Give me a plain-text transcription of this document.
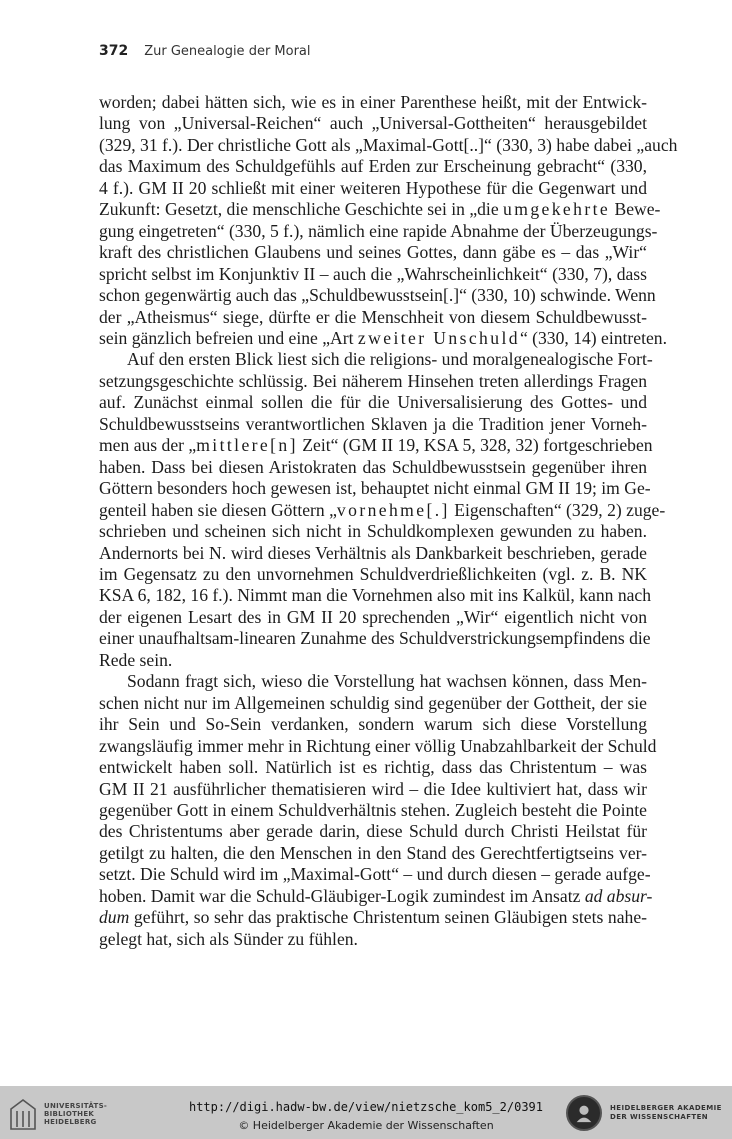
372 Zur Genealogie der Moral

worden; dabei hätten sich, wie es in einer Parenthese heißt, mit der Entwick-
lung von „Universal-Reichen“ auch „Universal-Gottheiten“ herausgebildet
(329, 31 f.). Der christliche Gott als „Maximal-Gott[..]“ (330, 3) habe dabei „auch
das Maximum des Schuldgefühls auf Erden zur Erscheinung gebracht“ (330,
4 f.). GM II 20 schließt mit einer weiteren Hypothese für die Gegenwart und
Zukunft: Gesetzt, die menschliche Geschichte sei in „die umgekehrte Bewe-
gung eingetreten“ (330, 5 f.), nämlich eine rapide Abnahme der Überzeugungs-
kraft des christlichen Glaubens und seines Gottes, dann gäbe es – das „Wir“
spricht selbst im Konjunktiv II – auch die „Wahrscheinlichkeit“ (330, 7), dass
schon gegenwärtig auch das „Schuldbewusstsein[.]“ (330, 10) schwinde. Wenn
der „Atheismus“ siege, dürfte er die Menschheit von diesem Schuldbewusst-
sein gänzlich befreien und eine „Art zweiter Unschuld“ (330, 14) eintreten.

Auf den ersten Blick liest sich die religions- und moralgenealogische Fort-
setzungsgeschichte schlüssig. Bei näherem Hinsehen treten allerdings Fragen
auf. Zunächst einmal sollen die für die Universalisierung des Gottes- und
Schuldbewusstseins verantwortlichen Sklaven ja die Tradition jener Vorneh-
men aus der „mittlere[n] Zeit“ (GM II 19, KSA 5, 328, 32) fortgeschrieben
haben. Dass bei diesen Aristokraten das Schuldbewusstsein gegenüber ihren
Göttern besonders hoch gewesen ist, behauptet nicht einmal GM II 19; im Ge-
genteil haben sie diesen Göttern „vornehme[.] Eigenschaften“ (329, 2) zuge-
schrieben und scheinen sich nicht in Schuldkomplexen gewunden zu haben.
Andernorts bei N. wird dieses Verhältnis als Dankbarkeit beschrieben, gerade
im Gegensatz zu den unvornehmen Schuldverdrießlichkeiten (vgl. z. B. NK
KSA 6, 182, 16 f.). Nimmt man die Vornehmen also mit ins Kalkül, kann nach
der eigenen Lesart des in GM II 20 sprechenden „Wir“ eigentlich nicht von
einer unaufhaltsam-linearen Zunahme des Schuldverstrickungsempfindens die
Rede sein.

Sodann fragt sich, wieso die Vorstellung hat wachsen können, dass Men-
schen nicht nur im Allgemeinen schuldig sind gegenüber der Gottheit, der sie
ihr Sein und So-Sein verdanken, sondern warum sich diese Vorstellung
zwangsläufig immer mehr in Richtung einer völlig Unabzahlbarkeit der Schuld
entwickelt haben soll. Natürlich ist es richtig, dass das Christentum – was
GM II 21 ausführlicher thematisieren wird – die Idee kultiviert hat, dass wir
gegenüber Gott in einem Schuldverhältnis stehen. Zugleich besteht die Pointe
des Christentums aber gerade darin, diese Schuld durch Christi Heilstat für
getilgt zu halten, die den Menschen in den Stand des Gerechtfertigtseins ver-
setzt. Die Schuld wird im „Maximal-Gott“ – und durch diesen – gerade aufge-
hoben. Damit war die Schuld-Gläubiger-Logik zumindest im Ansatz ad absur-
dum geführt, so sehr das praktische Christentum seinen Gläubigen stets nahe-
gelegt hat, sich als Sünder zu fühlen.

UNIVERSITÄTS-
BIBLIOTHEK
HEIDELBERG
http://digi.hadw-bw.de/view/nietzsche_kom5_2/0391
© Heidelberger Akademie der Wissenschaften
HEIDELBERGER AKADEMIE
DER WISSENSCHAFTEN
